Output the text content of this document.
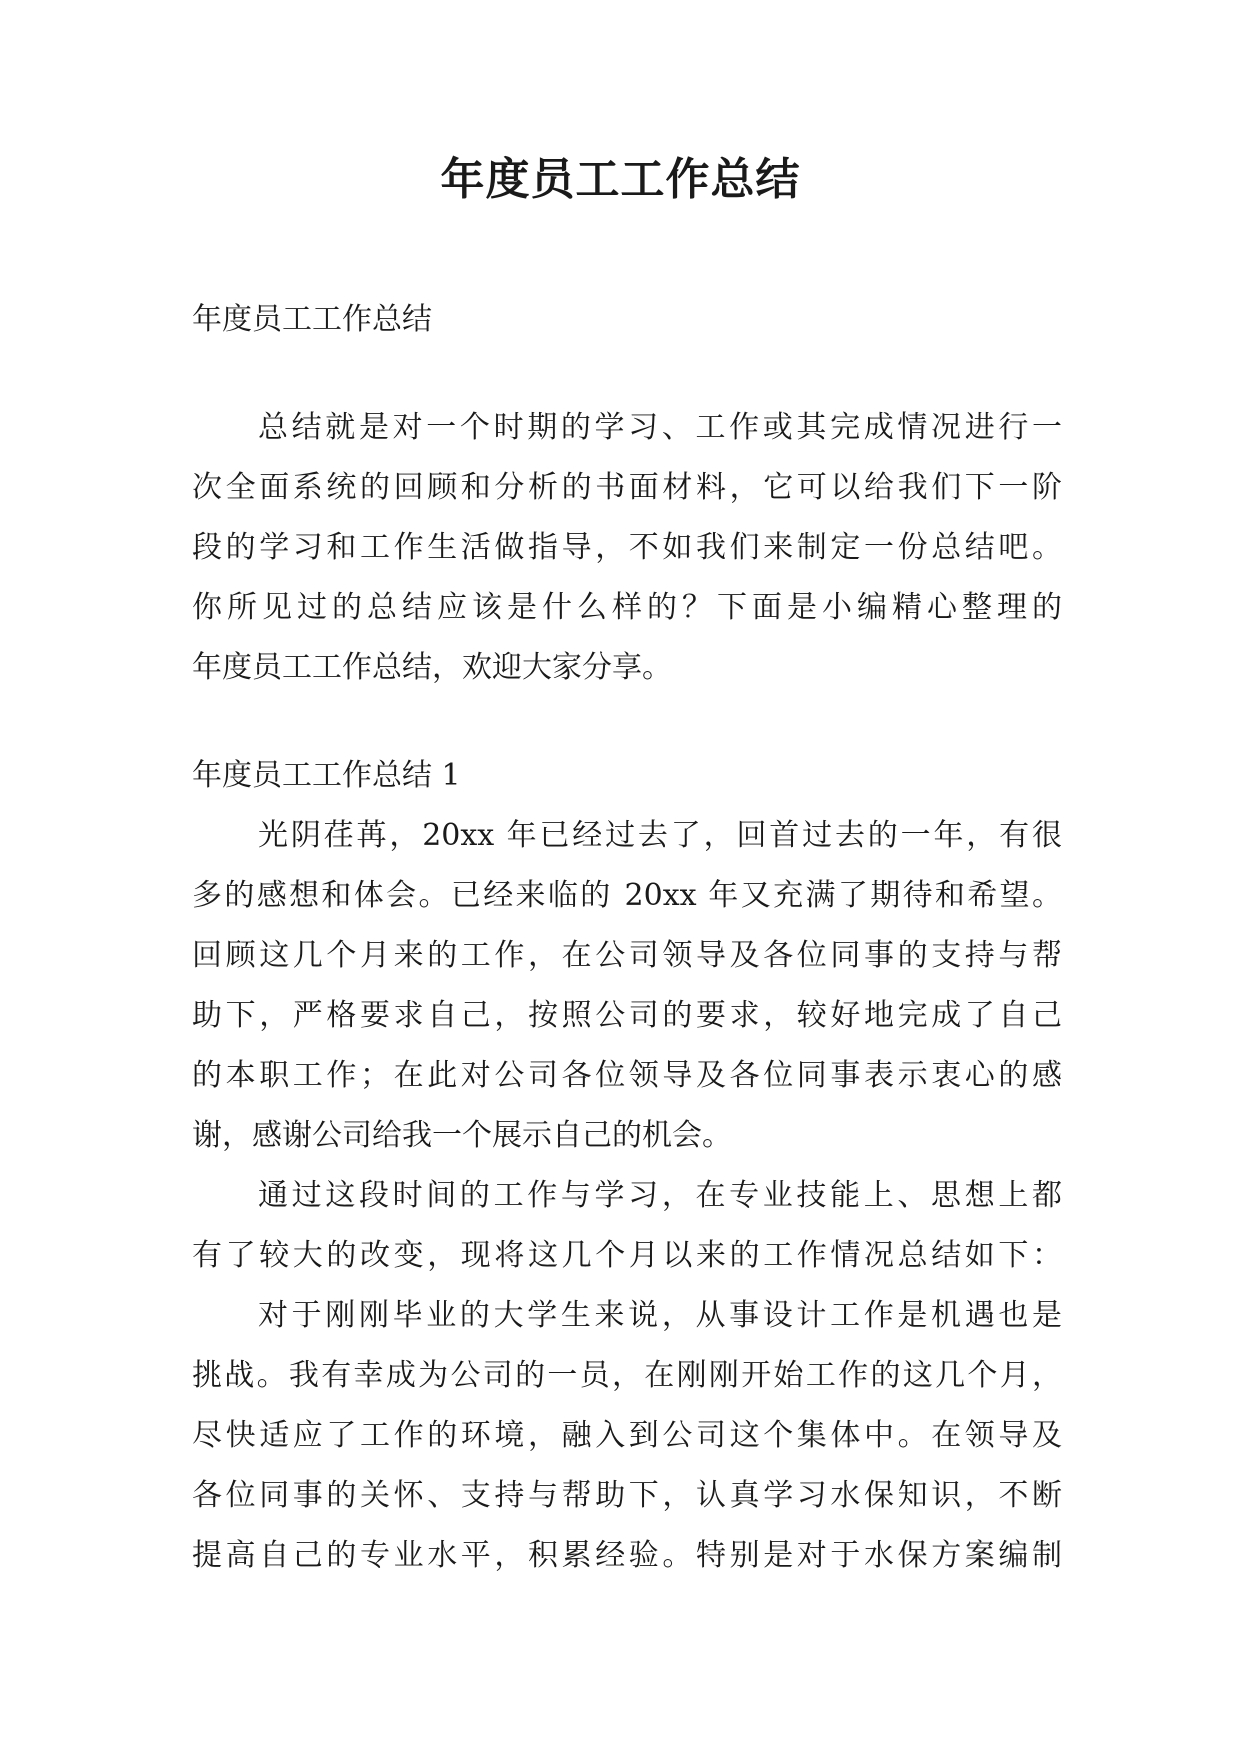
年度员工工作总结
年度员工工作总结
总结就是对一个时期的学习、工作或其完成情况进行一
次全面系统的回顾和分析的书面材料，它可以给我们下一阶
段的学习和工作生活做指导，不如我们来制定一份总结吧。
你所见过的总结应该是什么样的？下面是小编精心整理的
年度员工工作总结，欢迎大家分享。
年度员工工作总结 1
光阴荏苒，20xx 年已经过去了，回首过去的一年，有很
多的感想和体会。已经来临的 20xx 年又充满了期待和希望。
回顾这几个月来的工作，在公司领导及各位同事的支持与帮
助下，严格要求自己，按照公司的要求，较好地完成了自己
的本职工作；在此对公司各位领导及各位同事表示衷心的感
谢，感谢公司给我一个展示自己的机会。
通过这段时间的工作与学习，在专业技能上、思想上都
有了较大的改变，现将这几个月以来的工作情况总结如下：
对于刚刚毕业的大学生来说，从事设计工作是机遇也是
挑战。我有幸成为公司的一员，在刚刚开始工作的这几个月，
尽快适应了工作的环境，融入到公司这个集体中。在领导及
各位同事的关怀、支持与帮助下，认真学习水保知识，不断
提高自己的专业水平，积累经验。特别是对于水保方案编制
